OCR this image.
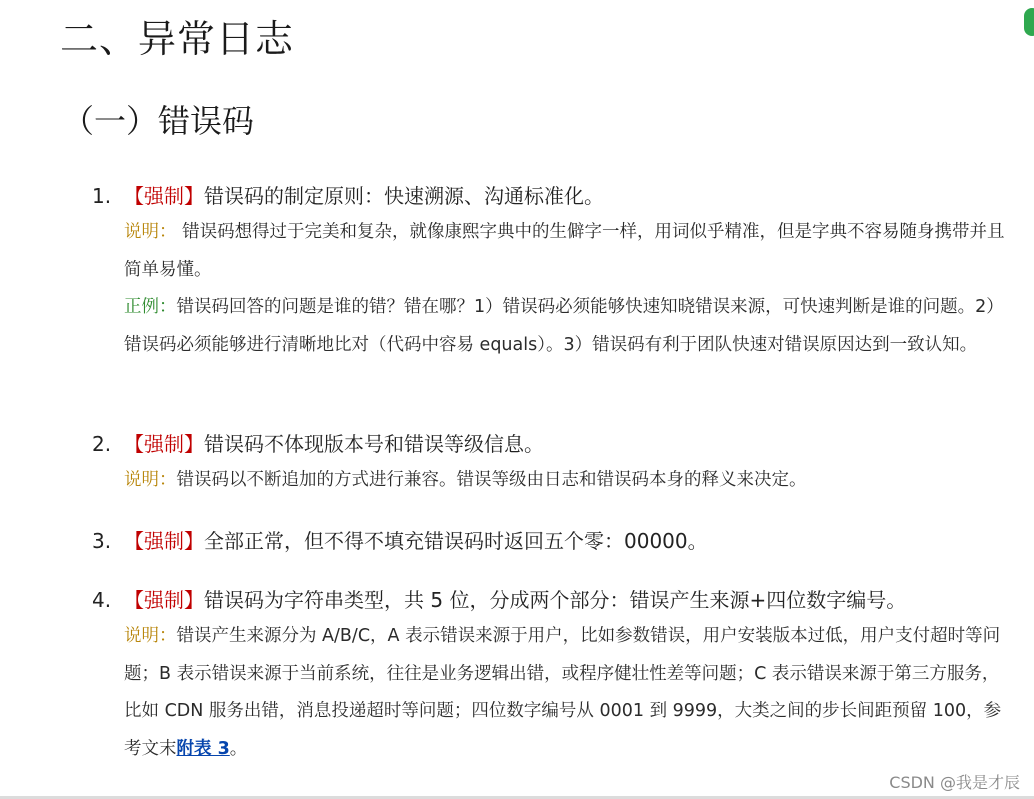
二、异常日志
（一）错误码
1. 【强制】错误码的制定原则：快速溯源、沟通标准化。
说明： 错误码想得过于完美和复杂，就像康熙字典中的生僻字一样，用词似乎精准，但是字典不容易随身携带并且简单易懂。
正例：错误码回答的问题是谁的错？错在哪？1）错误码必须能够快速知晓错误来源，可快速判断是谁的问题。2）错误码必须能够进行清晰地比对（代码中容易 equals）。3）错误码有利于团队快速对错误原因达到一致认知。
2. 【强制】错误码不体现版本号和错误等级信息。
说明：错误码以不断追加的方式进行兼容。错误等级由日志和错误码本身的释义来决定。
3. 【强制】全部正常，但不得不填充错误码时返回五个零：00000。
4. 【强制】错误码为字符串类型，共 5 位，分成两个部分：错误产生来源+四位数字编号。
说明：错误产生来源分为 A/B/C，A 表示错误来源于用户，比如参数错误，用户安装版本过低，用户支付超时等问题；B 表示错误来源于当前系统，往往是业务逻辑出错，或程序健壮性差等问题；C 表示错误来源于第三方服务，比如 CDN 服务出错，消息投递超时等问题；四位数字编号从 0001 到 9999，大类之间的步长间距预留 100，参考文末附表 3。
CSDN @我是才辰
